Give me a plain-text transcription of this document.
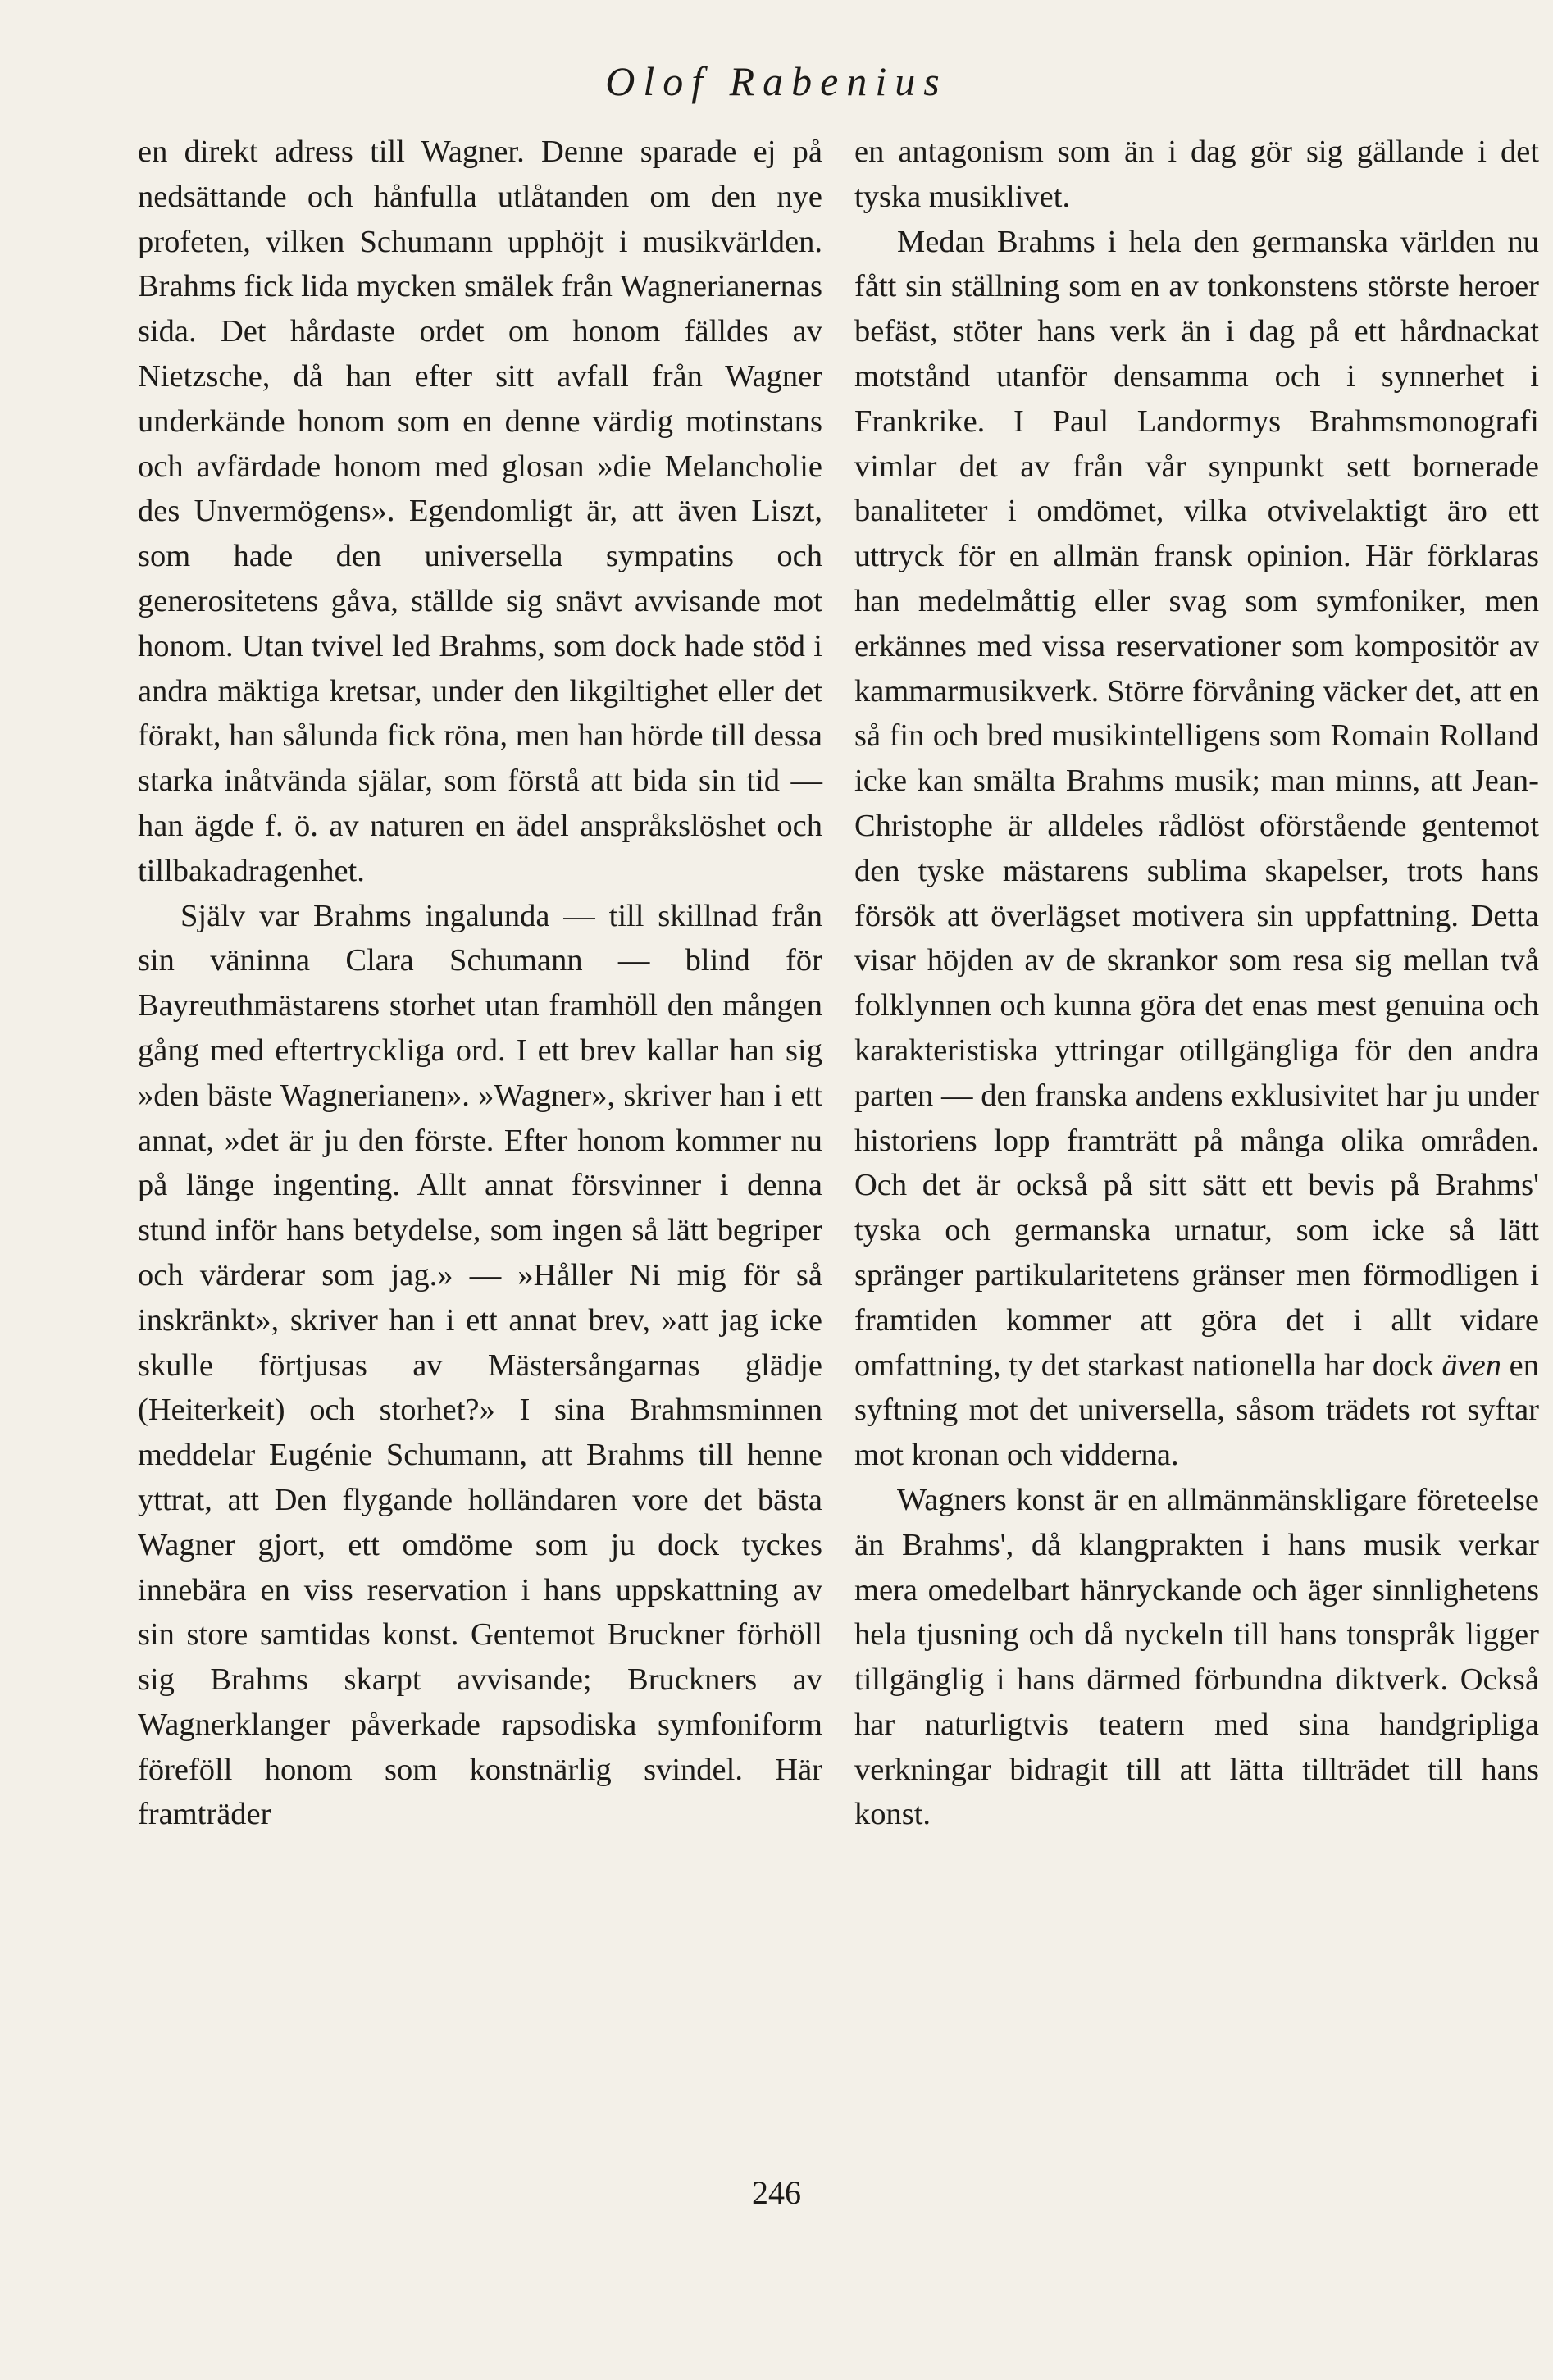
Olof Rabenius

en direkt adress till Wagner. Denne sparade ej på nedsättande och hånfulla utlåtanden om den nye profeten, vilken Schumann upphöjt i musikvärlden. Brahms fick lida mycken smälek från Wagnerianernas sida. Det hårdaste ordet om honom fälldes av Nietzsche, då han efter sitt avfall från Wagner underkände honom som en denne värdig motinstans och avfärdade honom med glosan »die Melancholie des Unvermögens». Egendomligt är, att även Liszt, som hade den universella sympatins och generositetens gåva, ställde sig snävt avvisande mot honom. Utan tvivel led Brahms, som dock hade stöd i andra mäktiga kretsar, under den likgiltighet eller det förakt, han sålunda fick röna, men han hörde till dessa starka inåtvända själar, som förstå att bida sin tid — han ägde f. ö. av naturen en ädel anspråkslöshet och tillbakadragenhet.

Själv var Brahms ingalunda — till skillnad från sin väninna Clara Schumann — blind för Bayreuthmästarens storhet utan framhöll den mången gång med eftertryckliga ord. I ett brev kallar han sig »den bäste Wagnerianen». »Wagner», skriver han i ett annat, »det är ju den förste. Efter honom kommer nu på länge ingenting. Allt annat försvinner i denna stund inför hans betydelse, som ingen så lätt begriper och värderar som jag.» — »Håller Ni mig för så inskränkt», skriver han i ett annat brev, »att jag icke skulle förtjusas av Mästersångarnas glädje (Heiterkeit) och storhet?» I sina Brahmsminnen meddelar Eugénie Schumann, att Brahms till henne yttrat, att Den flygande holländaren vore det bästa Wagner gjort, ett omdöme som ju dock tyckes innebära en viss reservation i hans uppskattning av sin store samtidas konst. Gentemot Bruckner förhöll sig Brahms skarpt avvisande; Bruckners av Wagnerklanger påverkade rapsodiska symfoniform föreföll honom som konstnärlig svindel. Här framträder

en antagonism som än i dag gör sig gällande i det tyska musiklivet.

Medan Brahms i hela den germanska världen nu fått sin ställning som en av tonkonstens störste heroer befäst, stöter hans verk än i dag på ett hårdnackat motstånd utanför densamma och i synnerhet i Frankrike. I Paul Landormys Brahmsmonografi vimlar det av från vår synpunkt sett bornerade banaliteter i omdömet, vilka otvivelaktigt äro ett uttryck för en allmän fransk opinion. Här förklaras han medelmåttig eller svag som symfoniker, men erkännes med vissa reservationer som kompositör av kammarmusikverk. Större förvåning väcker det, att en så fin och bred musikintelligens som Romain Rolland icke kan smälta Brahms musik; man minns, att Jean-Christophe är alldeles rådlöst oförstående gentemot den tyske mästarens sublima skapelser, trots hans försök att överlägset motivera sin uppfattning. Detta visar höjden av de skrankor som resa sig mellan två folklynnen och kunna göra det enas mest genuina och karakteristiska yttringar otillgängliga för den andra parten — den franska andens exklusivitet har ju under historiens lopp framträtt på många olika områden. Och det är också på sitt sätt ett bevis på Brahms' tyska och germanska urnatur, som icke så lätt spränger partikularitetens gränser men förmodligen i framtiden kommer att göra det i allt vidare omfattning, ty det starkast nationella har dock även en syftning mot det universella, såsom trädets rot syftar mot kronan och vidderna.

Wagners konst är en allmänmänskligare företeelse än Brahms', då klangprakten i hans musik verkar mera omedelbart hänryckande och äger sinnlighetens hela tjusning och då nyckeln till hans tonspråk ligger tillgänglig i hans därmed förbundna diktverk. Också har naturligtvis teatern med sina handgripliga verkningar bidragit till att lätta tillträdet till hans konst.

246
